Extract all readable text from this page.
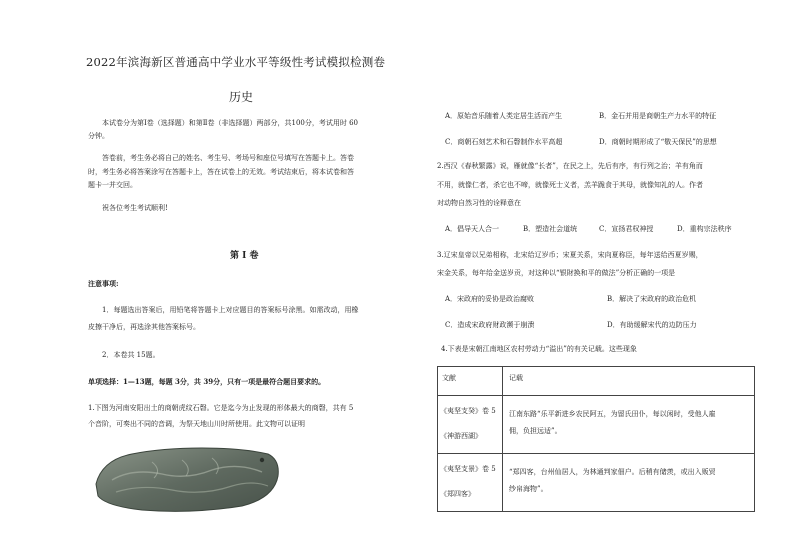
2022年滨海新区普通高中学业水平等级性考试模拟检测卷
历史
本试卷分为第Ⅰ卷（选择题）和第Ⅱ卷（非选择题）两部分，共100分，考试用时 60
分钟。
答卷前，考生务必将自己的姓名、考生号、考场号和座位号填写在答题卡上。答卷
时，考生务必将答案涂写在答题卡上，答在试卷上的无效。考试结束后，将本试卷和答
题卡一并交回。
祝各位考生考试顺利!
第 Ⅰ 卷
注意事项:
1．每题选出答案后，用铅笔将答题卡上对应题目的答案标号涂黑。如需改动，用橡
皮擦干净后，再选涂其他答案标号。
2．本卷共 15题。
单项选择：1—13题，每题 3分，共 39分，只有一项是最符合题目要求的。
1.下图为河南安阳出土的商朝虎纹石磬。它是迄今为止发现的形体最大的商磬，共有 5
个音阶，可奏出不同的音调，为祭天地山川时所使用。此文物可以证明
A．原始音乐随着人类定居生活而产生	B．金石并用是商朝生产力水平的特征
C．商朝石刻艺术和石磬制作水平高超	D．商朝时期形成了“敬天保民”的思想
2.西汉《春秋繁露》说，雁就像“长者”，在民之上，先后有序，有行列之治；羊有角而
不用，就像仁者，杀它也不啼，就像死士义者，羔羊跪食于其母，就像知礼的人。作者
对动物自然习性的诠释意在
A．倡导天人合一	B．塑造社会道统	C．宣扬君权神授	D．重构宗法秩序
3.辽宋皇帝以兄弟相称，北宋给辽岁币；宋夏关系，宋向夏称臣，每年送给西夏岁赐，
宋金关系，每年给金送岁贡，对这种以“银財换和平的做法”分析正确的一项是
A．宋政府的妥协是政治腐败	B．解决了宋政府的政治危机
C．造成宋政府财政濒于崩溃	D．有助缓解宋代的边防压力
4.下表是宋朝江南地区农村劳动力“溢出”的有关记载。这些现象
文献	记载

《夷坚支癸》卷 5
《神游西湖》	江南东路“乐平新进乡农民阿五，为留氏田仆，每以闲时，受他人雇
佣，负担远适”。

《夷坚支景》卷 5
《郑四客》	“郑四客，台州仙居人，为林通判家佃户。后稍有储羡，或出入贩贸
纱帛海物”。
